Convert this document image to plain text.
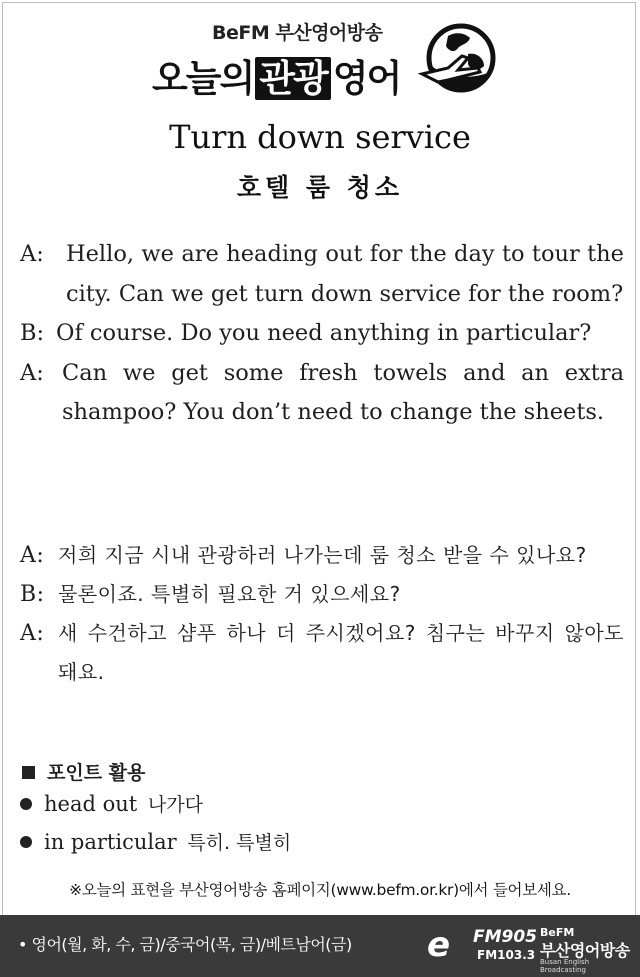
BeFM 부산영어방송
오늘의 관광 영어
Turn down service
호텔 룸 청소
A: Hello, we are heading out for the day to tour the city. Can we get turn down service for the room?
B: Of course. Do you need anything in particular?
A: Can we get some fresh towels and an extra shampoo? You don’t need to change the sheets.
A: 저희 지금 시내 관광하러 나가는데 룸 청소 받을 수 있나요?
B: 물론이죠. 특별히 필요한 거 있으세요?
A: 새 수건하고 샴푸 하나 더 주시겠어요? 침구는 바꾸지 않아도 돼요.
포인트 활용
head out 나가다
in particular 특히. 특별히
※오늘의 표현을 부산영어방송 홈페이지(www.befm.or.kr)에서 들어보세요.
• 영어(월, 화, 수, 금)/중국어(목, 금)/베트남어(금) e FM905
FM103.3
BeFM
부산영어방송
Busan English Broadcasting
